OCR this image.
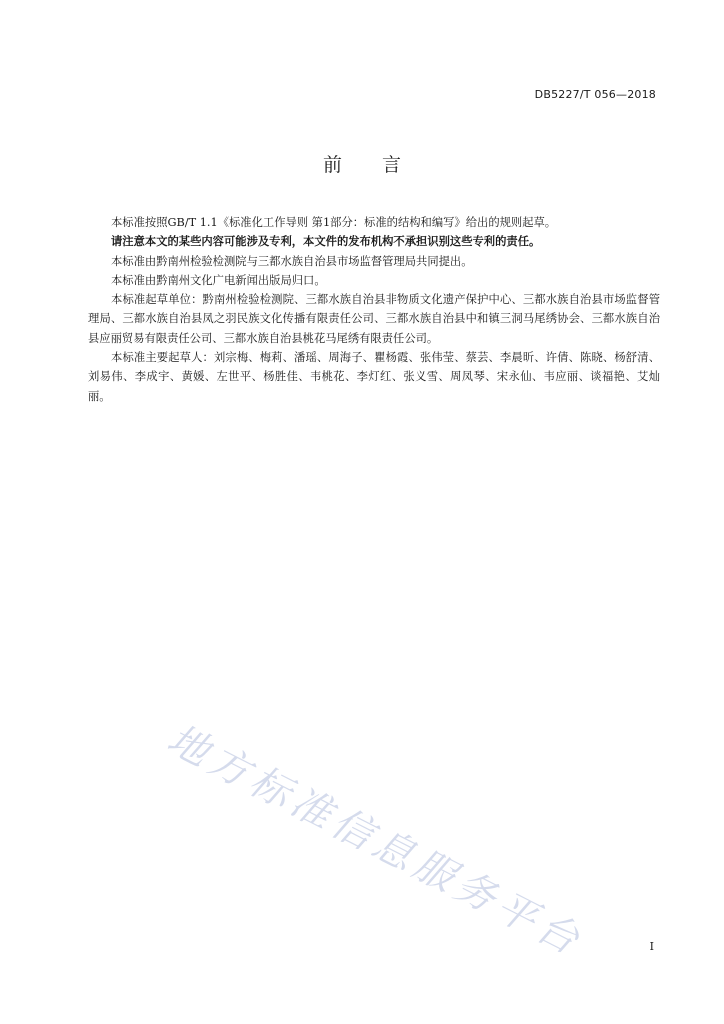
DB5227/T 056—2018
前言

本标准按照GB/T 1.1《标准化工作导则 第1部分：标准的结构和编写》给出的规则起草。

请注意本文的某些内容可能涉及专利，本文件的发布机构不承担识别这些专利的责任。

本标准由黔南州检验检测院与三都水族自治县市场监督管理局共同提出。

本标准由黔南州文化广电新闻出版局归口。

本标准起草单位：黔南州检验检测院、三都水族自治县非物质文化遗产保护中心、三都水族自治县市场监督管理局、三都水族自治县凤之羽民族文化传播有限责任公司、三都水族自治县中和镇三洞马尾绣协会、三都水族自治县应丽贸易有限责任公司、三都水族自治县桃花马尾绣有限责任公司。

本标准主要起草人：刘宗梅、梅莉、潘瑶、周海子、瞿杨霞、张伟莹、蔡芸、李晨昕、许倩、陈晓、杨舒清、刘易伟、李成宇、黄媛、左世平、杨胜佳、韦桃花、李灯红、张义雪、周凤琴、宋永仙、韦应丽、谈福艳、艾灿丽。

地方标准信息服务平台	I
